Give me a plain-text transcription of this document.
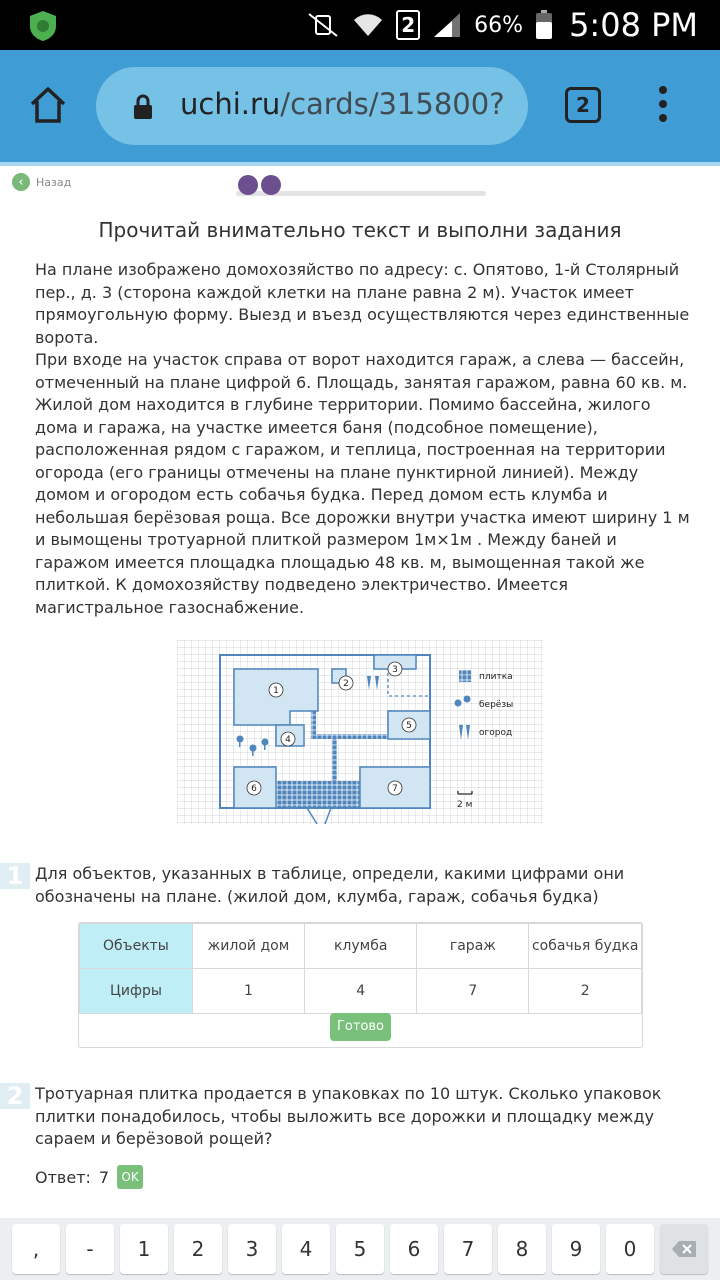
2	66% 5:08 PM
uchi.ru/cards/315800?	2
‹	Назад
Прочитай внимательно текст и выполни задания

На плане изображено домохозяйство по адресу: с. Опятово, 1-й Столярный пер., д. 3 (сторона каждой клетки на плане равна 2 м). Участок имеет прямоугольную форму. Выезд и въезд осуществляются через единственные ворота.

При входе на участок справа от ворот находится гараж, а слева — бассейн, отмеченный на плане цифрой 6. Площадь, занятая гаражом, равна 60 кв. м. Жилой дом находится в глубине территории. Помимо бассейна, жилого дома и гаража, на участке имеется баня (подсобное помещение), расположенная рядом с гаражом, и теплица, построенная на территории огорода (его границы отмечены на плане пунктирной линией). Между домом и огородом есть собачья будка. Перед домом есть клумба и небольшая берёзовая роща. Все дорожки внутри участка имеют ширину 1 м и вымощены тротуарной плиткой размером 1м×1м . Между баней и гаражом имеется площадка площадью 48 кв. м, вымощенная такой же плиткой. К домохозяйству подведено электричество. Имеется магистральное газоснабжение.

1
2
3
4
5
6	7
плитка
берёзы
огород
2 м
1 Для объектов, указанных в таблице, определи, какими цифрами они обозначены на плане. (жилой дом, клумба, гараж, собачья будка)
Объекты	жилой дом	клумба	гараж	собачья будка
Цифры	1	4	7	2
Готово
2 Тротуарная плитка продается в упаковках по 10 штук. Сколько упаковок плитки понадобилось, чтобы выложить все дорожки и площадку между сараем и берёзовой рощей?
Ответ: 7	OK
,	-	1	2	3	4	5	6	7	8	9	0
